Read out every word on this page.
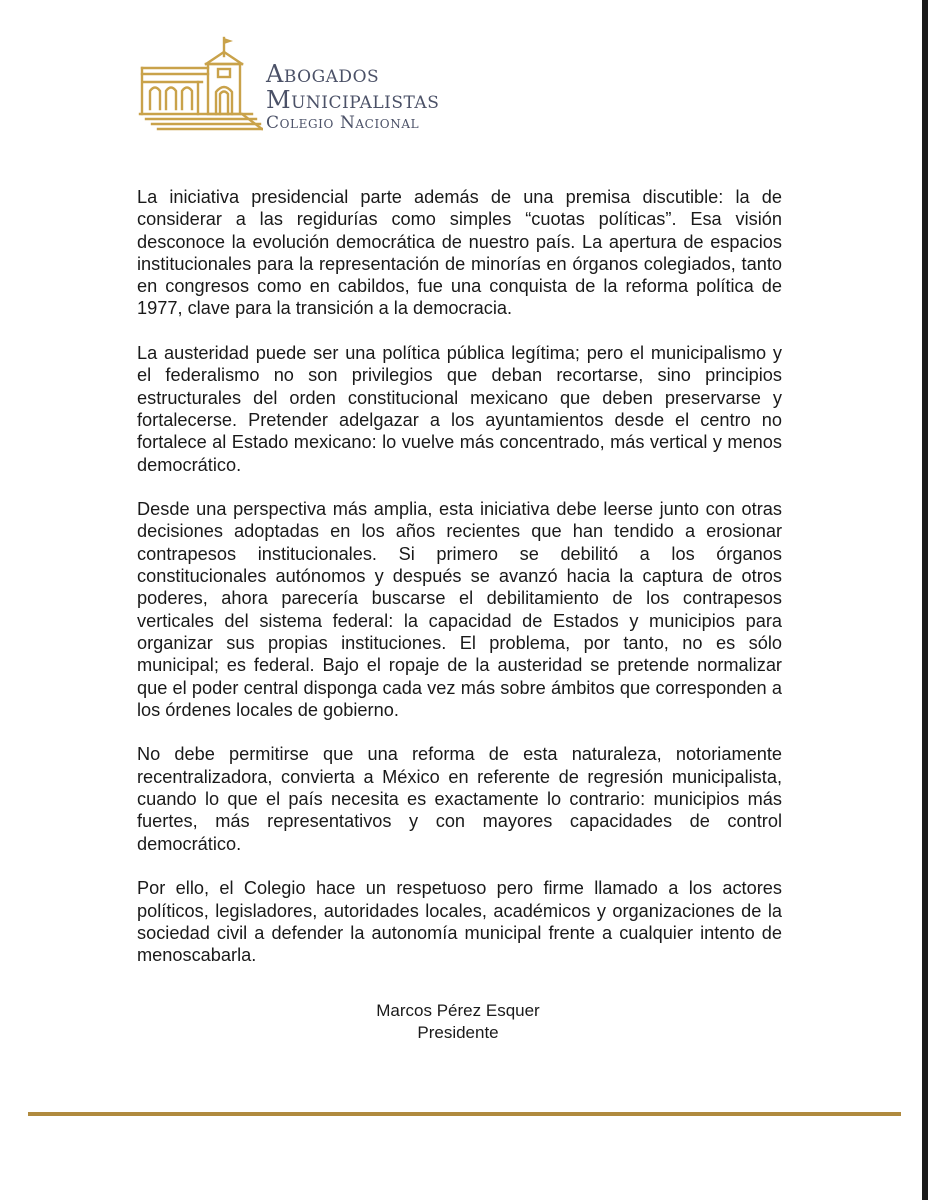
Abogados
Municipalistas
Colegio Nacional

La iniciativa presidencial parte además de una premisa discutible: la de considerar a las regidurías como simples “cuotas políticas”. Esa visión desconoce la evolución democrática de nuestro país. La apertura de espacios institucionales para la representación de minorías en órganos colegiados, tanto en congresos como en cabildos, fue una conquista de la reforma política de 1977, clave para la transición a la democracia.

La austeridad puede ser una política pública legítima; pero el municipalismo y el federalismo no son privilegios que deban recortarse, sino principios estructurales del orden constitucional mexicano que deben preservarse y fortalecerse. Pretender adelgazar a los ayuntamientos desde el centro no fortalece al Estado mexicano: lo vuelve más concentrado, más vertical y menos democrático.

Desde una perspectiva más amplia, esta iniciativa debe leerse junto con otras decisiones adoptadas en los años recientes que han tendido a erosionar contrapesos institucionales. Si primero se debilitó a los órganos constitucionales autónomos y después se avanzó hacia la captura de otros poderes, ahora parecería buscarse el debilitamiento de los contrapesos verticales del sistema federal: la capacidad de Estados y municipios para organizar sus propias instituciones. El problema, por tanto, no es sólo municipal; es federal. Bajo el ropaje de la austeridad se pretende normalizar que el poder central disponga cada vez más sobre ámbitos que corresponden a los órdenes locales de gobierno.

No debe permitirse que una reforma de esta naturaleza, notoriamente recentralizadora, convierta a México en referente de regresión municipalista, cuando lo que el país necesita es exactamente lo contrario: municipios más fuertes, más representativos y con mayores capacidades de control democrático.

Por ello, el Colegio hace un respetuoso pero firme llamado a los actores políticos, legisladores, autoridades locales, académicos y organizaciones de la sociedad civil a defender la autonomía municipal frente a cualquier intento de menoscabarla.

Marcos Pérez Esquer
Presidente
